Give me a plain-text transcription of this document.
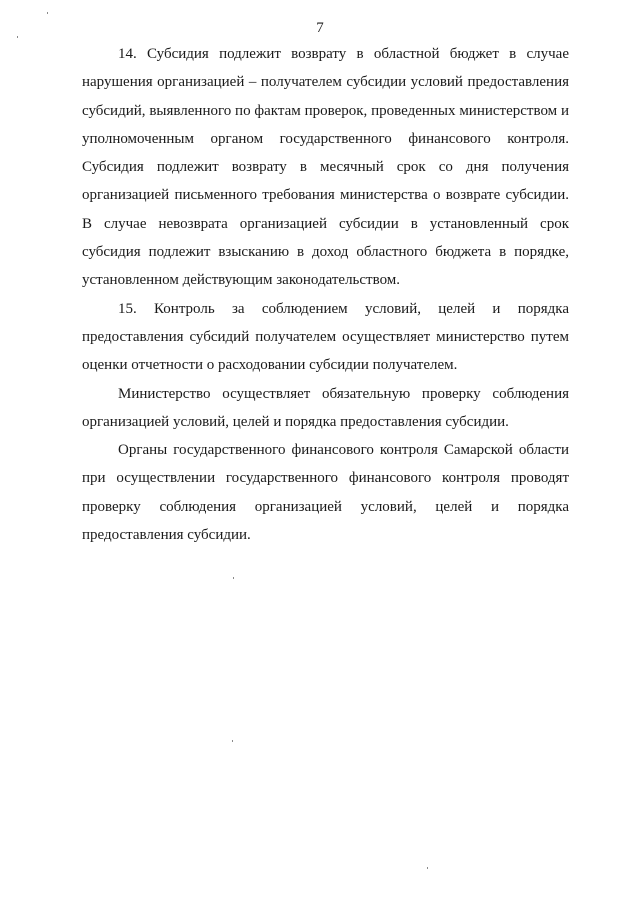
7

14. Субсидия подлежит возврату в областной бюджет в случае нарушения организацией – получателем субсидии условий предоставления субсидий, выявленного по фактам проверок, проведенных министерством и уполномоченным органом государственного финансового контроля. Субсидия подлежит возврату в месячный срок со дня получения организацией письменного требования министерства о возврате субсидии. В случае невозврата организацией субсидии в установленный срок субсидия подлежит взысканию в доход областного бюджета в порядке, установленном действующим законодательством.

15. Контроль за соблюдением условий, целей и порядка предоставления субсидий получателем осуществляет министерство путем оценки отчетности о расходовании субсидии получателем.

Министерство осуществляет обязательную проверку соблюдения организацией условий, целей и порядка предоставления субсидии.

Органы государственного финансового контроля Самарской области при осуществлении государственного финансового контроля проводят проверку соблюдения организацией условий, целей и порядка предоставления субсидии.
